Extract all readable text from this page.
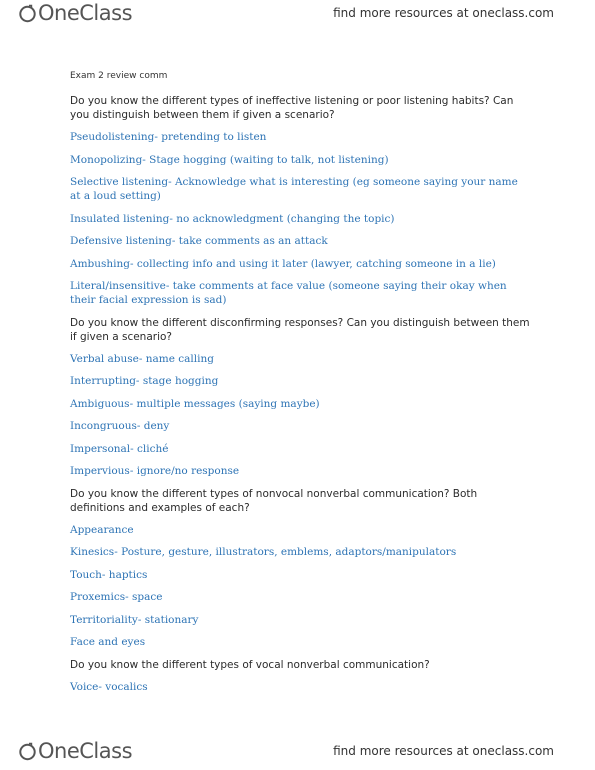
OneClass	find more resources at oneclass.com
Exam 2 review comm
Do you know the different types of ineffective listening or poor listening habits? Can you distinguish between them if given a scenario?
Pseudolistening- pretending to listen
Monopolizing- Stage hogging (waiting to talk, not listening)
Selective listening- Acknowledge what is interesting (eg someone saying your name at a loud setting)
Insulated listening- no acknowledgment (changing the topic)
Defensive listening- take comments as an attack
Ambushing- collecting info and using it later (lawyer, catching someone in a lie)
Literal/insensitive- take comments at face value (someone saying their okay when their facial expression is sad)
Do you know the different disconfirming responses? Can you distinguish between them if given a scenario?
Verbal abuse- name calling
Interrupting- stage hogging
Ambiguous- multiple messages (saying maybe)
Incongruous- deny
Impersonal- cliché
Impervious- ignore/no response
Do you know the different types of nonvocal nonverbal communication? Both definitions and examples of each?
Appearance
Kinesics- Posture, gesture, illustrators, emblems, adaptors/manipulators
Touch- haptics
Proxemics- space
Territoriality- stationary
Face and eyes
Do you know the different types of vocal nonverbal communication?
Voice- vocalics
OneClass	find more resources at oneclass.com
